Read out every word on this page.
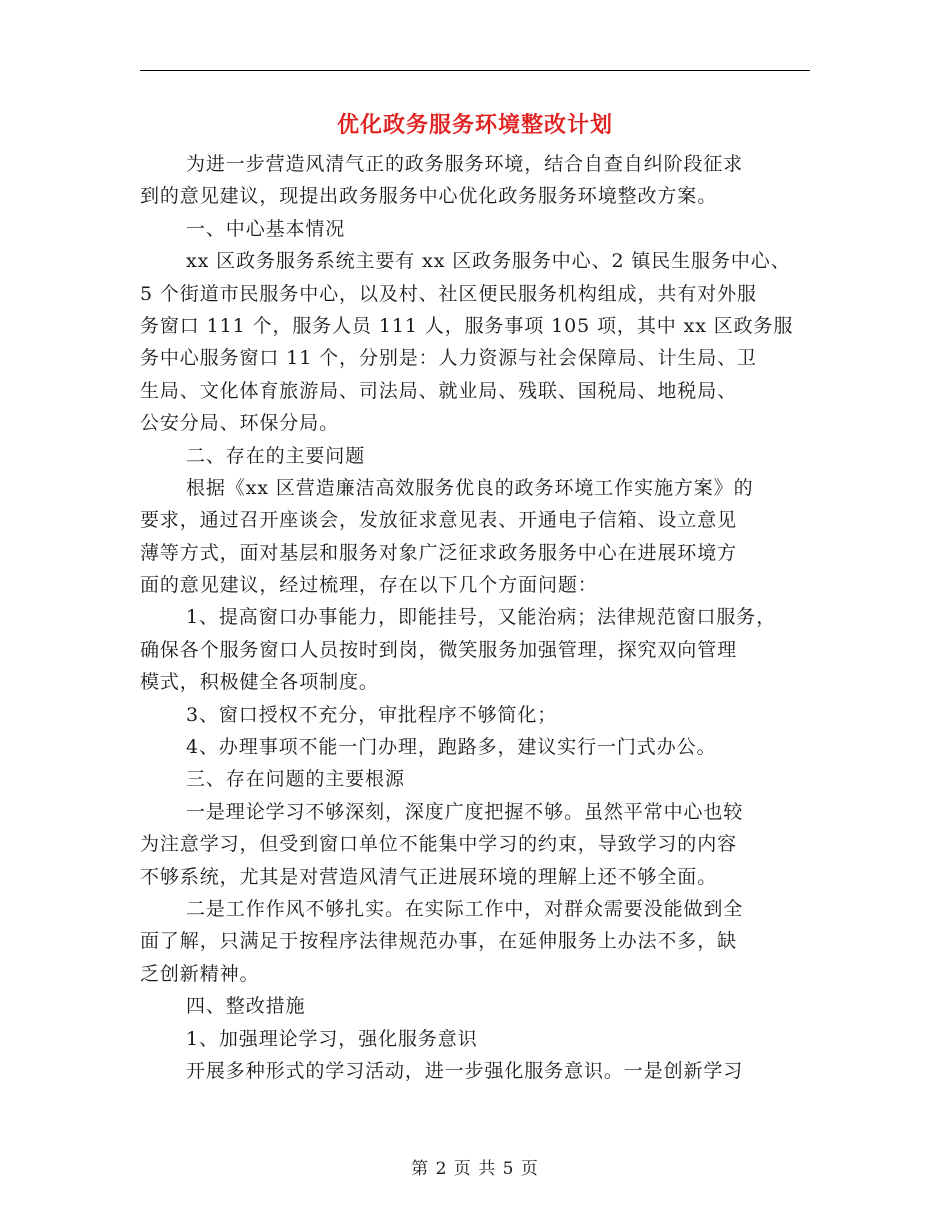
优化政务服务环境整改计划
为进一步营造风清气正的政务服务环境，结合自查自纠阶段征求
到的意见建议，现提出政务服务中心优化政务服务环境整改方案。
一、中心基本情况
xx 区政务服务系统主要有 xx 区政务服务中心、2 镇民生服务中心、
5 个街道市民服务中心，以及村、社区便民服务机构组成，共有对外服
务窗口 111 个，服务人员 111 人，服务事项 105 项，其中 xx 区政务服
务中心服务窗口 11 个，分别是：人力资源与社会保障局、计生局、卫
生局、文化体育旅游局、司法局、就业局、残联、国税局、地税局、
公安分局、环保分局。
二、存在的主要问题
根据《xx 区营造廉洁高效服务优良的政务环境工作实施方案》的
要求，通过召开座谈会，发放征求意见表、开通电子信箱、设立意见
薄等方式，面对基层和服务对象广泛征求政务服务中心在进展环境方
面的意见建议，经过梳理，存在以下几个方面问题：
1、提高窗口办事能力，即能挂号，又能治病；法律规范窗口服务，
确保各个服务窗口人员按时到岗，微笑服务加强管理，探究双向管理
模式，积极健全各项制度。
3、窗口授权不充分，审批程序不够简化；
4、办理事项不能一门办理，跑路多，建议实行一门式办公。
三、存在问题的主要根源
一是理论学习不够深刻，深度广度把握不够。虽然平常中心也较
为注意学习，但受到窗口单位不能集中学习的约束，导致学习的内容
不够系统，尤其是对营造风清气正进展环境的理解上还不够全面。
二是工作作风不够扎实。在实际工作中，对群众需要没能做到全
面了解，只满足于按程序法律规范办事，在延伸服务上办法不多，缺
乏创新精神。
四、整改措施
1、加强理论学习，强化服务意识
开展多种形式的学习活动，进一步强化服务意识。一是创新学习
第 2 页 共 5 页
